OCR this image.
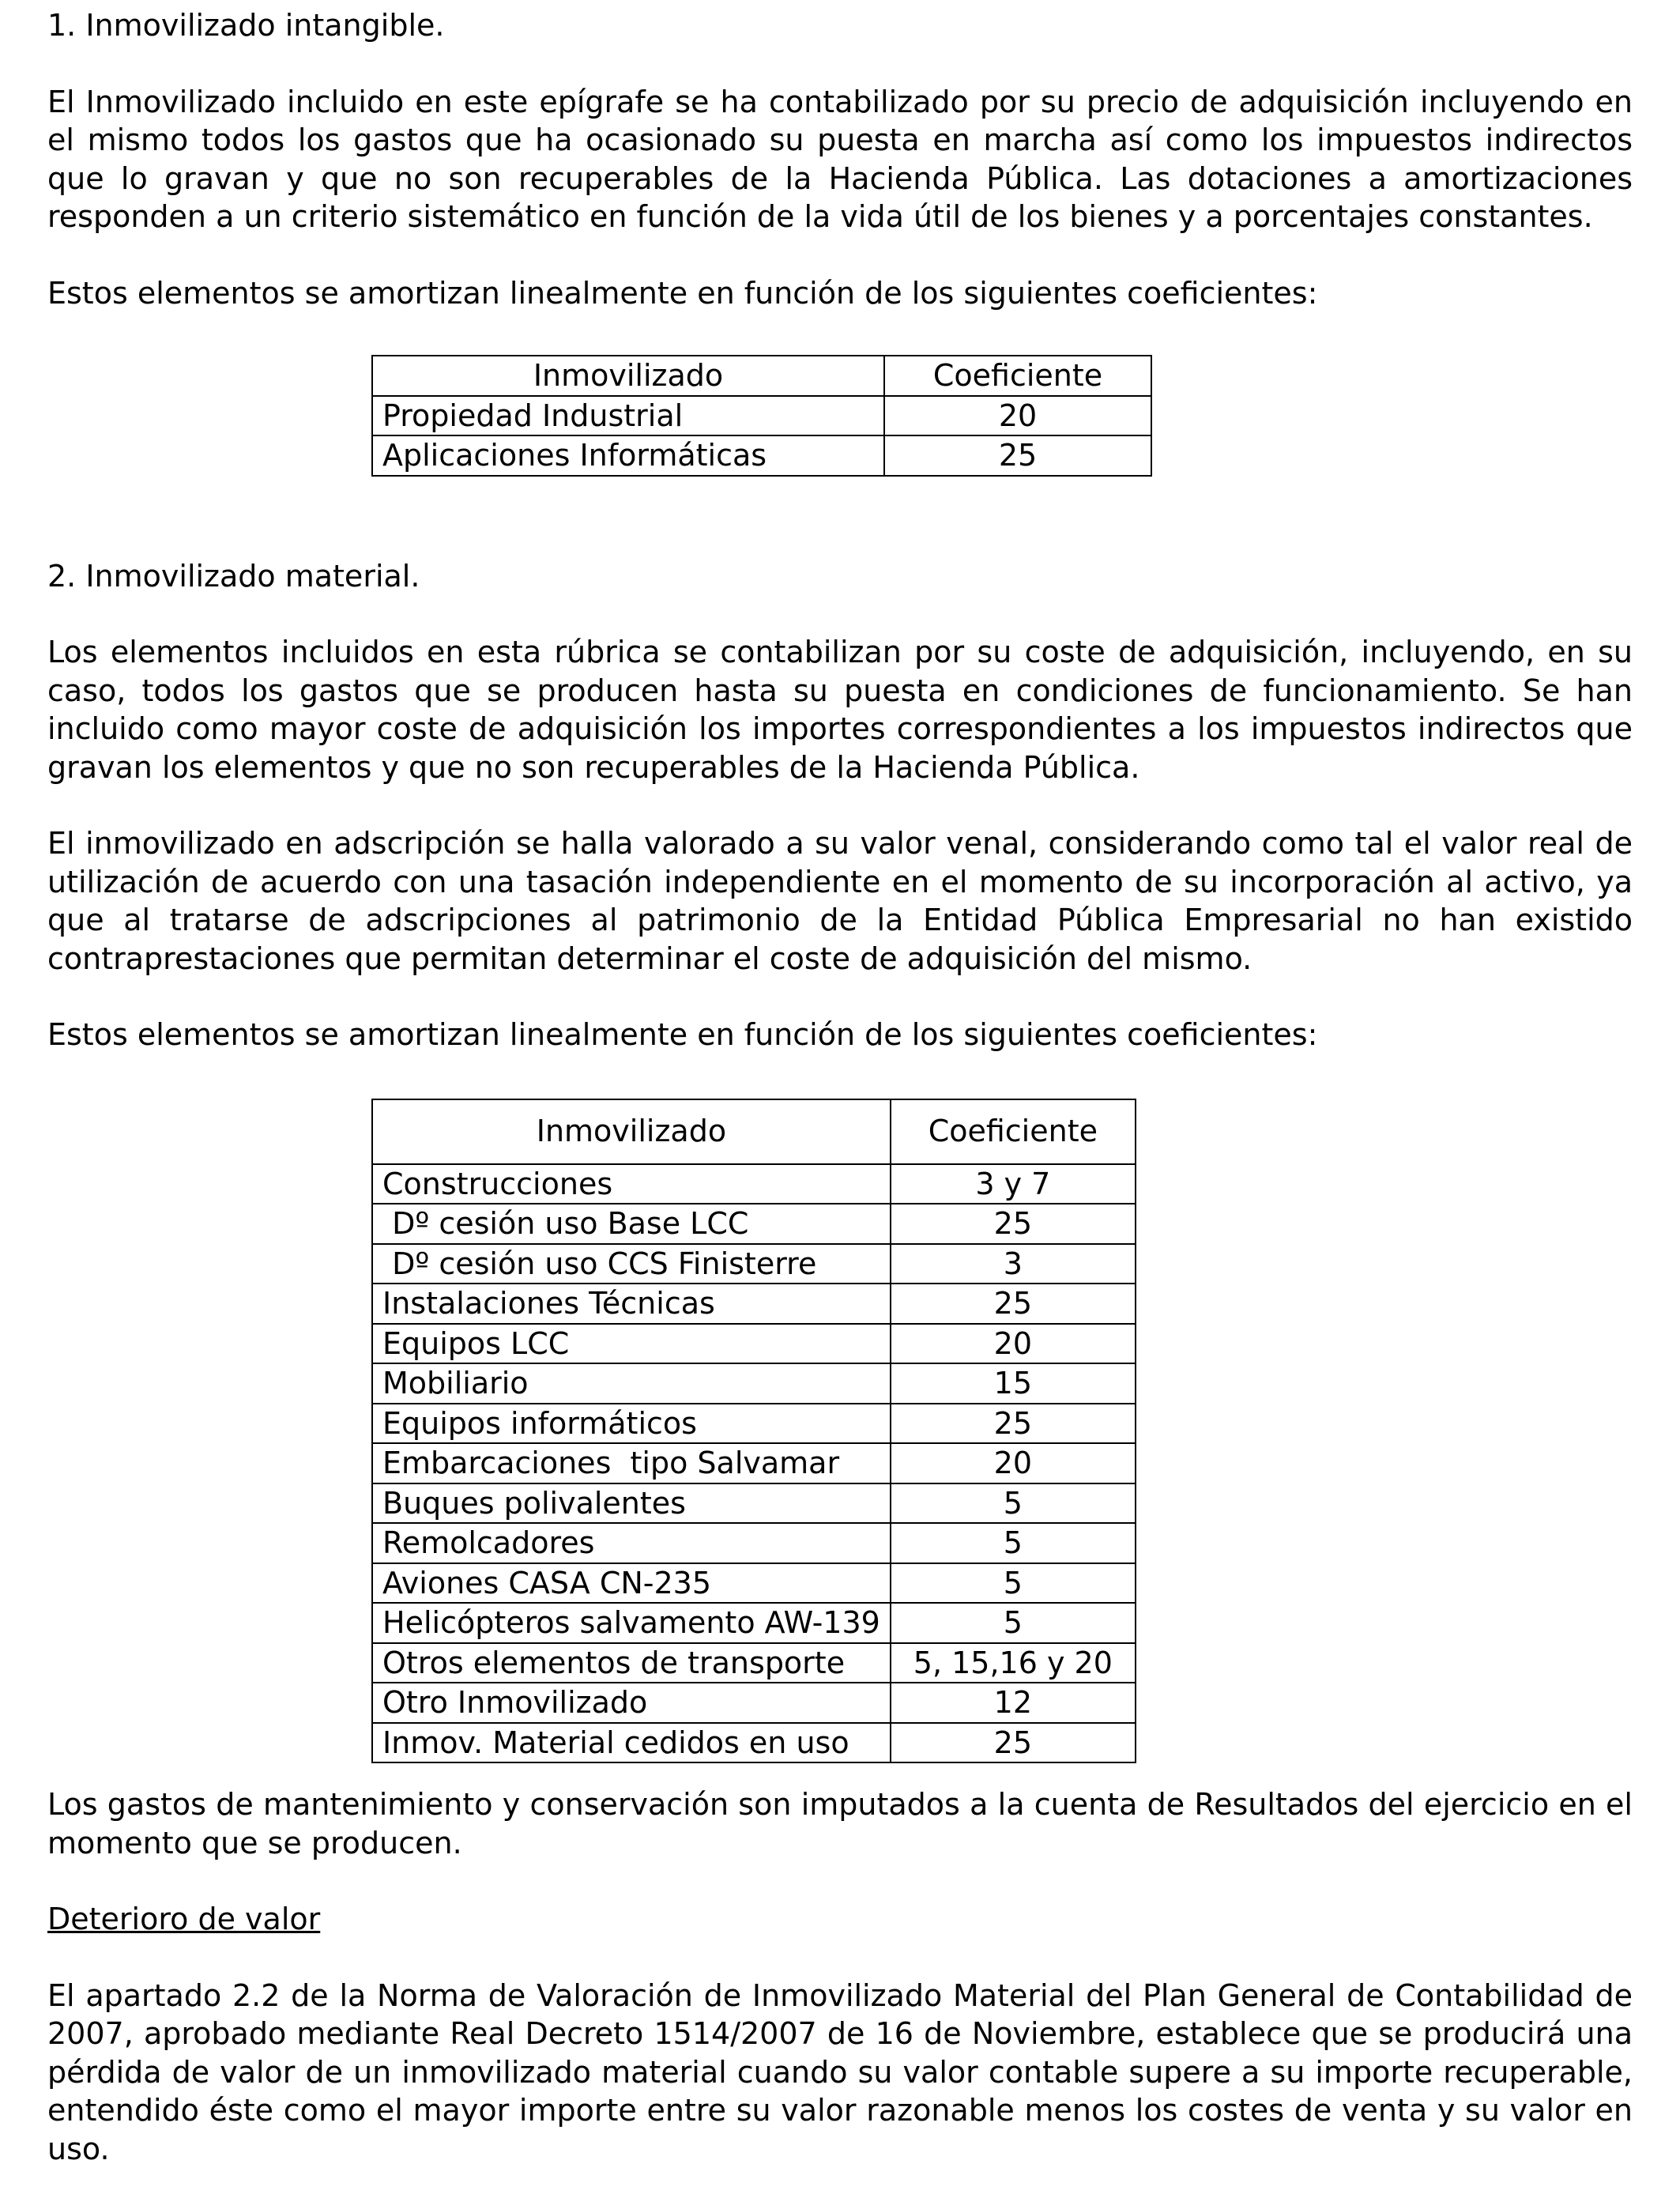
1. Inmovilizado intangible.

El Inmovilizado incluido en este epígrafe se ha contabilizado por su precio de adquisición incluyendo en el mismo todos los gastos que ha ocasionado su puesta en marcha así como los impuestos indirectos que lo gravan y que no son recuperables de la Hacienda Pública. Las dotaciones a amortizaciones responden a un criterio sistemático en función de la vida útil de los bienes y a porcentajes constantes.

Estos elementos se amortizan linealmente en función de los siguientes coeficientes:

Inmovilizado	Coeficiente
Propiedad Industrial	20
Aplicaciones Informáticas	25

2. Inmovilizado material.

Los elementos incluidos en esta rúbrica se contabilizan por su coste de adquisición, incluyendo, en su caso, todos los gastos que se producen hasta su puesta en condiciones de funcionamiento. Se han incluido como mayor coste de adquisición los importes correspondientes a los impuestos indirectos que gravan los elementos y que no son recuperables de la Hacienda Pública.

El inmovilizado en adscripción se halla valorado a su valor venal, considerando como tal el valor real de utilización de acuerdo con una tasación independiente en el momento de su incorporación al activo, ya que al tratarse de adscripciones al patrimonio de la Entidad Pública Empresarial no han existido contraprestaciones que permitan determinar el coste de adquisición del mismo.

Estos elementos se amortizan linealmente en función de los siguientes coeficientes:

Inmovilizado	Coeficiente
Construcciones	3 y 7
Dº cesión uso Base LCC	25
Dº cesión uso CCS Finisterre	3
Instalaciones Técnicas	25
Equipos LCC	20
Mobiliario	15
Equipos informáticos	25
Embarcaciones  tipo Salvamar	20
Buques polivalentes	5
Remolcadores	5
Aviones CASA CN-235	5
Helicópteros salvamento AW-139	5
Otros elementos de transporte	5, 15,16 y 20
Otro Inmovilizado	12
Inmov. Material cedidos en uso	25

Los gastos de mantenimiento y conservación son imputados a la cuenta de Resultados del ejercicio en el momento que se producen.

Deterioro de valor

El apartado 2.2 de la Norma de Valoración de Inmovilizado Material del Plan General de Contabilidad de 2007, aprobado mediante Real Decreto 1514/2007 de 16 de Noviembre, establece que se producirá una pérdida de valor de un inmovilizado material cuando su valor contable supere a su importe recuperable, entendido éste como el mayor importe entre su valor razonable menos los costes de venta y su valor en uso.
